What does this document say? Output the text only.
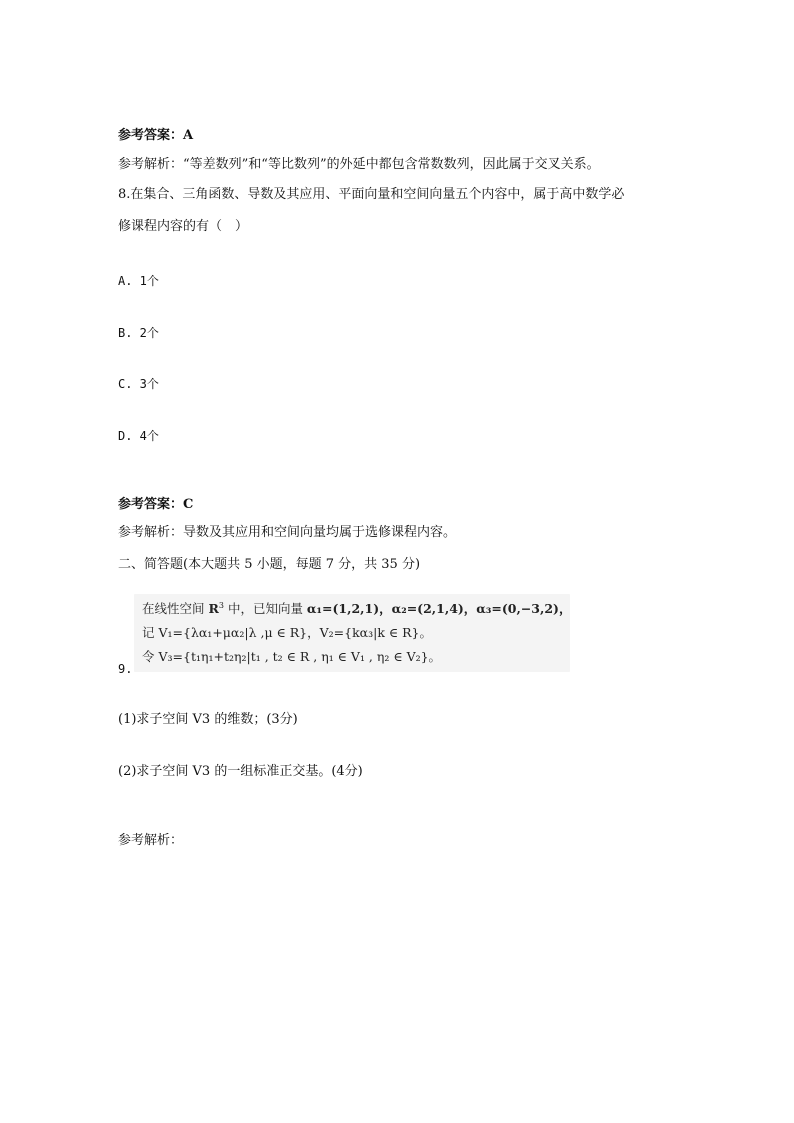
参考答案：A
参考解析：“等差数列”和“等比数列”的外延中都包含常数数列，因此属于交叉关系。
8.在集合、三角函数、导数及其应用、平面向量和空间向量五个内容中，属于高中数学必
修课程内容的有（　）
A. 1个
B. 2个
C. 3个
D. 4个
参考答案：C
参考解析：导数及其应用和空间向量均属于选修课程内容。
二、简答题(本大题共 5 小题，每题 7 分，共 35 分)
在线性空间 $R^3$ 中，已知向量 α₁=(1,2,1)，α₂=(2,1,4)，α₃=(0,−3,2)，
记 V₁={λα₁+μα₂|λ ,μ ∈ R}，V₂={kα₃|k ∈ R}。
令 V₃={t₁η₁+t₂η₂|t₁ , t₂ ∈ R , η₁ ∈ V₁ , η₂ ∈ V₂}。
9.
(1)求子空间 V3 的维数；(3分)
(2)求子空间 V3 的一组标准正交基。(4分)
参考解析：
